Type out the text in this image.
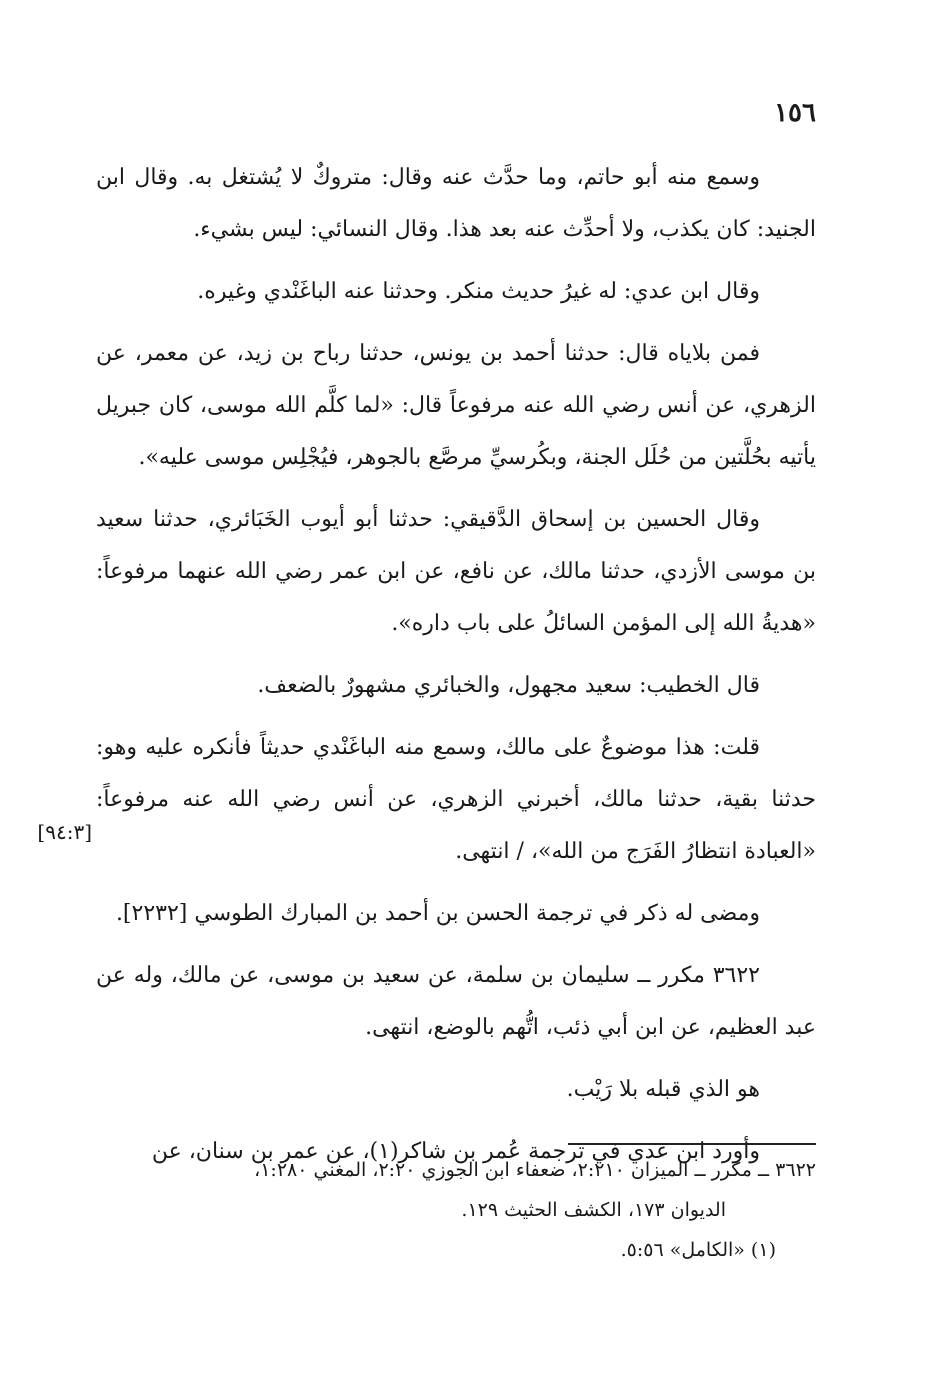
١٥٦

وسمع منه أبو حاتم، وما حدَّث عنه وقال: متروكٌ لا يُشتغل به. وقال ابن الجنيد: كان يكذب، ولا أحدِّث عنه بعد هذا. وقال النسائي: ليس بشيء.

وقال ابن عدي: له غيرُ حديث منكر. وحدثنا عنه الباغَنْدي وغيره.

فمن بلاياه قال: حدثنا أحمد بن يونس، حدثنا رباح بن زيد، عن معمر، عن الزهري، عن أنس رضي الله عنه مرفوعاً قال: «لما كلَّم الله موسى، كان جبريل يأتيه بحُلَّتين من حُلَل الجنة، وبكُرسيِّ مرصَّع بالجوهر، فيُجْلِس موسى عليه».

وقال الحسين بن إسحاق الدَّقيقي: حدثنا أبو أيوب الخَبَائري، حدثنا سعيد بن موسى الأزدي، حدثنا مالك، عن نافع، عن ابن عمر رضي الله عنهما مرفوعاً: «هديةُ الله إلى المؤمن السائلُ على باب داره».

قال الخطيب: سعيد مجهول، والخبائري مشهورٌ بالضعف.

قلت: هذا موضوعٌ على مالك، وسمع منه الباغَنْدي حديثاً فأنكره عليه وهو: حدثنا بقية، حدثنا مالك، أخبرني الزهري، عن أنس رضي الله عنه مرفوعاً: «العبادة انتظارُ الفَرَج من الله»، / انتهى.

ومضى له ذكر في ترجمة الحسن بن أحمد بن المبارك الطوسي [٢٢٣٢].

٣٦٢٢ مكرر ــ سليمان بن سلمة، عن سعيد بن موسى، عن مالك، وله عن عبد العظيم، عن ابن أبي ذئب، اتُّهم بالوضع، انتهى.

هو الذي قبله بلا رَيْب.

وأورد ابن عدي في ترجمة عُمر بن شاكر(١)، عن عمر بن سنان، عن

[٩٤:٣]

٣٦٢٢ ــ مكرر ــ الميزان ٢:٢١٠، ضعفاء ابن الجوزي ٢:٢٠، المغني ١:٢٨٠،

الديوان ١٧٣، الكشف الحثيث ١٢٩.

(١) «الكامل» ٥:٥٦.
